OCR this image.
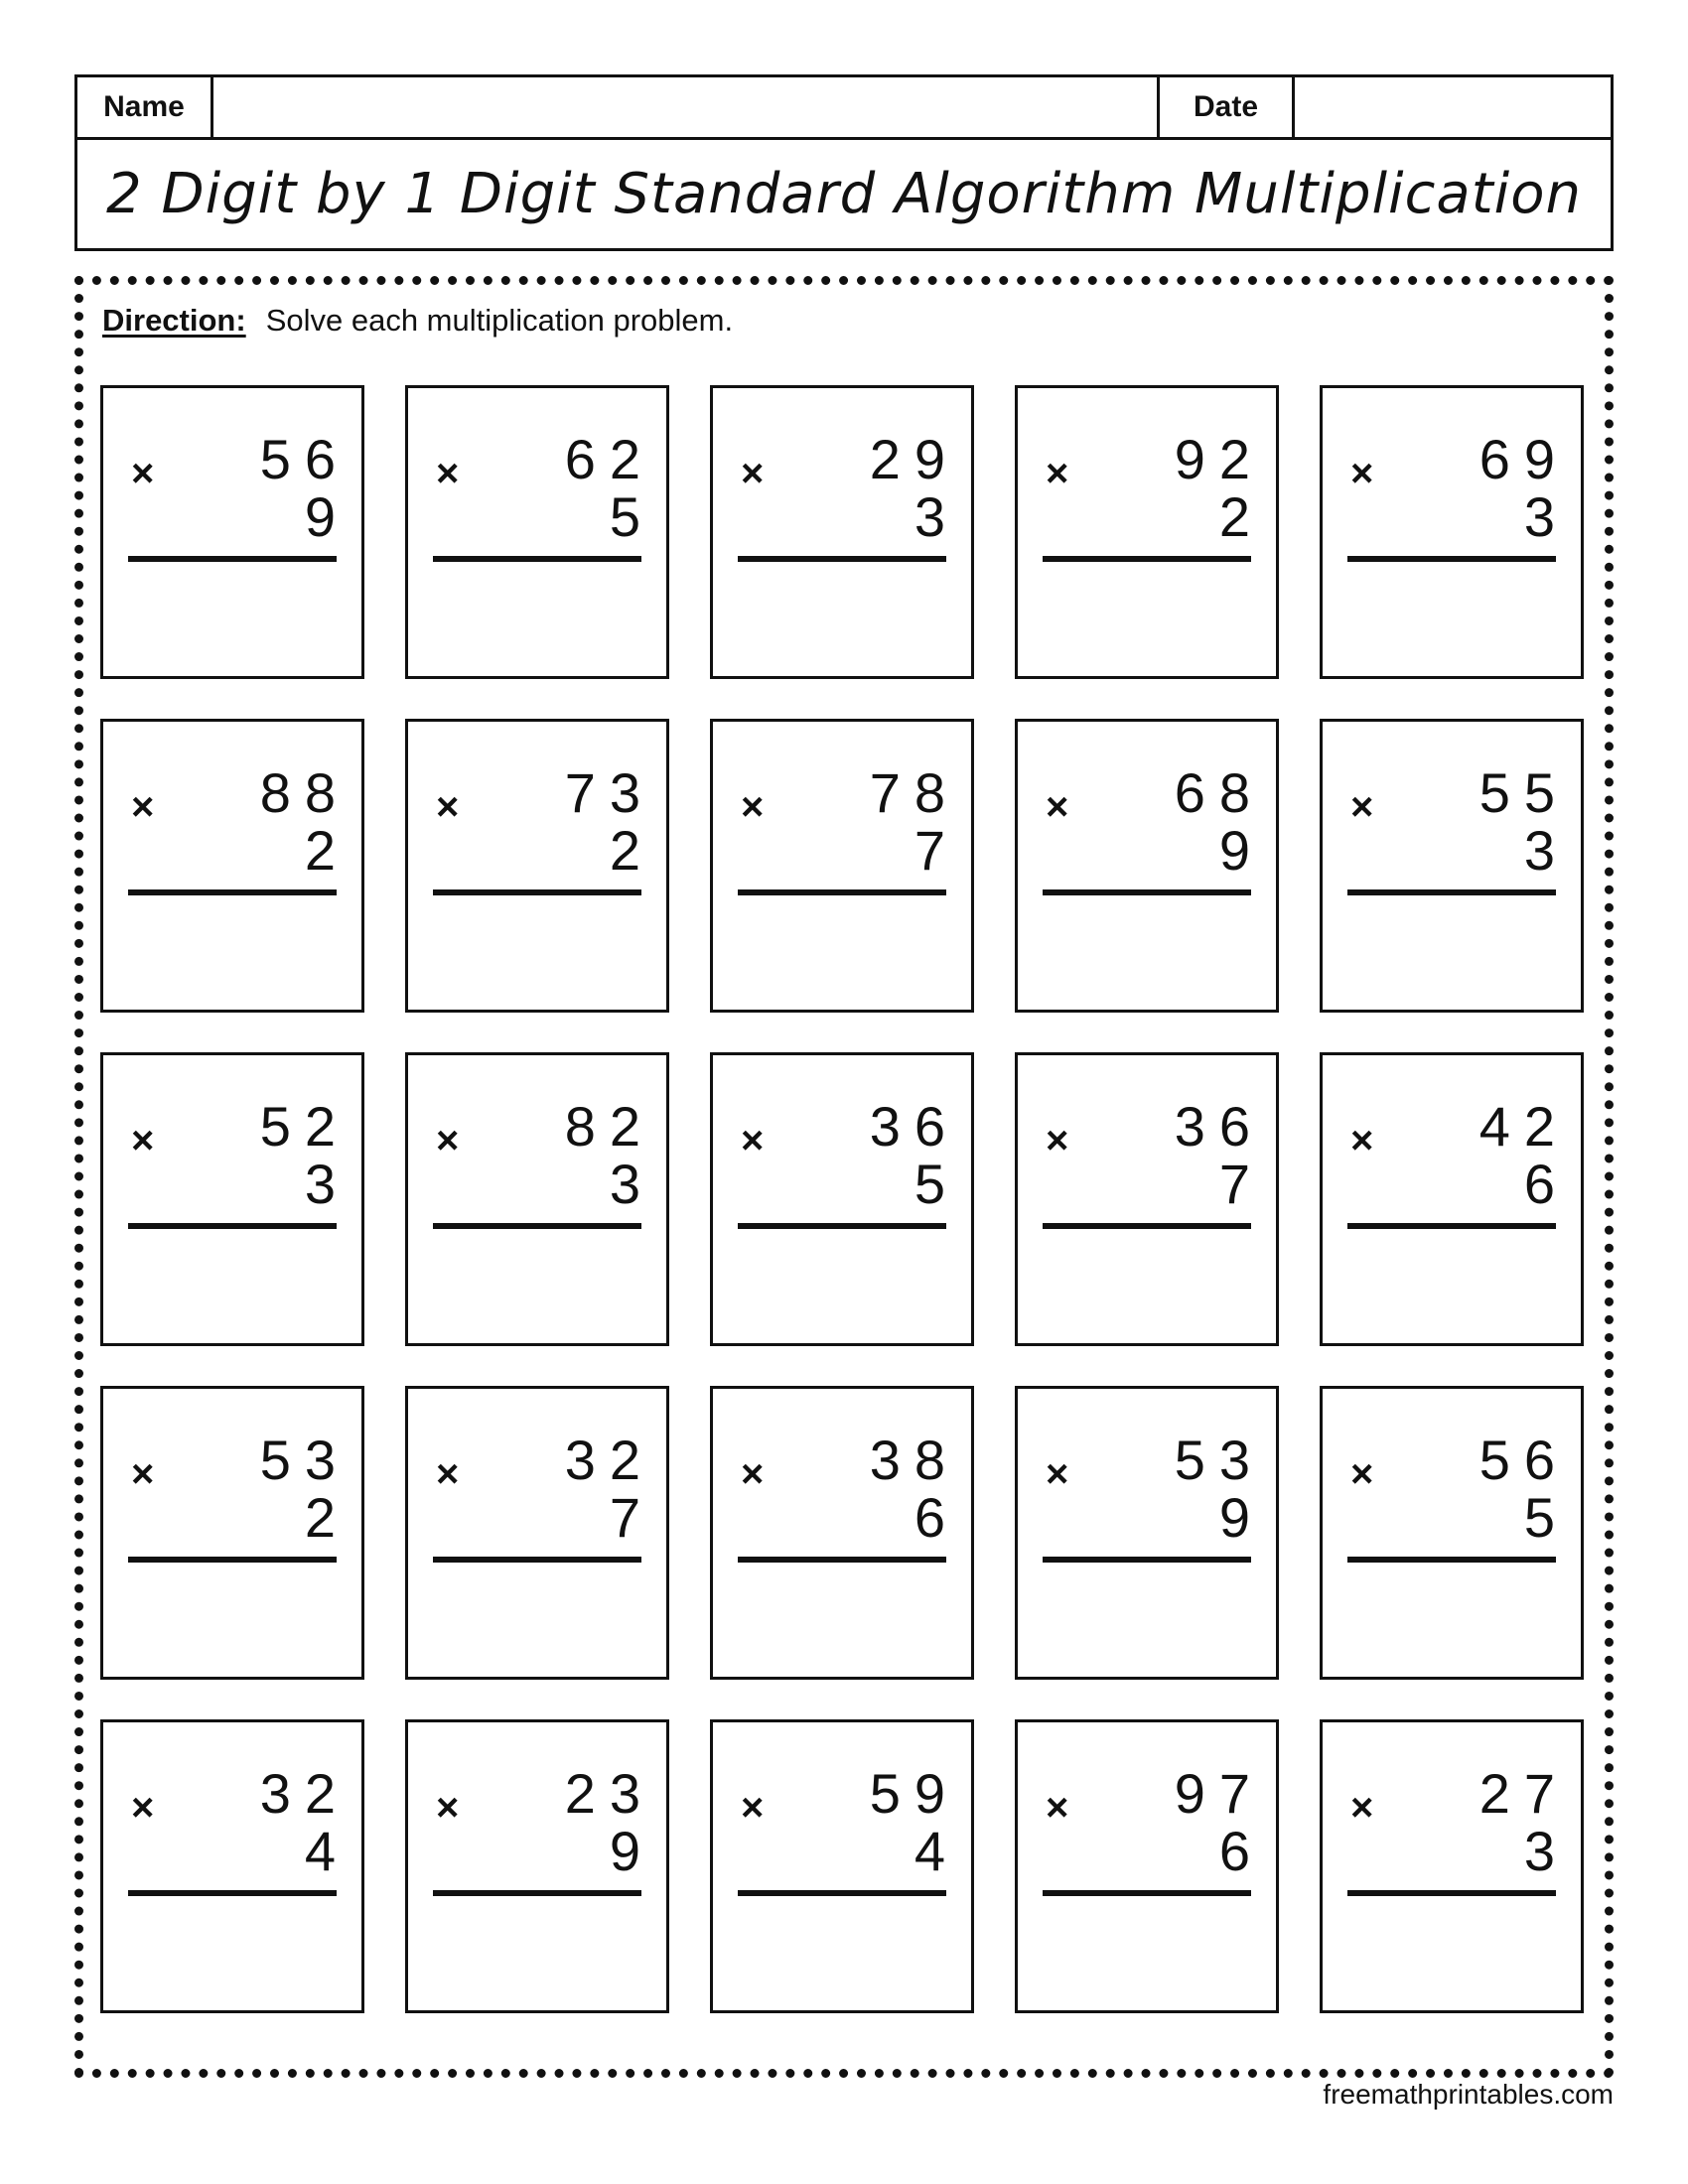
Name	Date
2 Digit by 1 Digit Standard Algorithm Multiplication
Direction: Solve each multiplication problem.
× 56
9
× 62
5
× 29
3
× 92
2
× 69
3
× 88
2
× 73
2
× 78
7
× 68
9
× 55
3
× 52
3
× 82
3
× 36
5
× 36
7
× 42
6
× 53
2
× 32
7
× 38
6
× 53
9
× 56
5
× 32
4
× 23
9
× 59
4
× 97
6
× 27
3
freemathprintables.com
